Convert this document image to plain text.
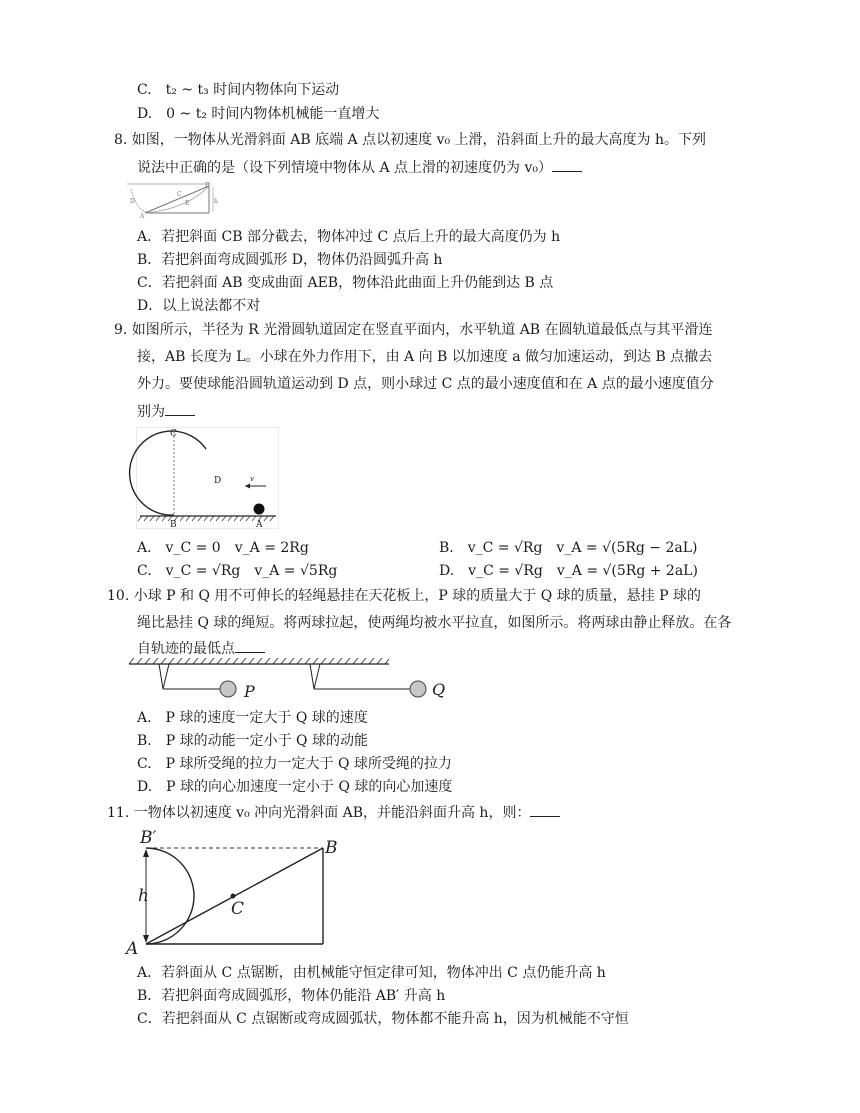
C.　t₂ ~ t₃ 时间内物体向下运动
D.　0 ~ t₂ 时间内物体机械能一直增大
8. 如图，一物体从光滑斜面 AB 底端 A 点以初速度 v₀ 上滑，沿斜面上升的最大高度为 h。下列
说法中正确的是（设下列情境中物体从 A 点上滑的初速度仍为 v₀）
D
A
C
E
B
h
A．若把斜面 CB 部分截去，物体冲过 C 点后上升的最大高度仍为 h
B．若把斜面弯成圆弧形 D，物体仍沿圆弧升高 h
C．若把斜面 AB 变成曲面 AEB，物体沿此曲面上升仍能到达 B 点
D．以上说法都不对
9. 如图所示，半径为 R 光滑圆轨道固定在竖直平面内，水平轨道 AB 在圆轨道最低点与其平滑连
接，AB 长度为 L。小球在外力作用下，由 A 向 B 以加速度 a 做匀加速运动，到达 B 点撤去
外力。要使球能沿圆轨道运动到 D 点，则小球过 C 点的最小速度值和在 A 点的最小速度值分
别为
C
D	v
B	A
A.　v_C = 0 v_A = 2Rg	B.　v_C = √Rg v_A = √(5Rg − 2aL)
C.　v_C = √Rg v_A = √5Rg	D.　v_C = √Rg v_A = √(5Rg + 2aL)
10. 小球 P 和 Q 用不可伸长的轻绳悬挂在天花板上，P 球的质量大于 Q 球的质量，悬挂 P 球的
绳比悬挂 Q 球的绳短。将两球拉起，使两绳均被水平拉直，如图所示。将两球由静止释放。在各
自轨迹的最低点
P	Q
A.　P 球的速度一定大于 Q 球的速度
B.　P 球的动能一定小于 Q 球的动能
C.　P 球所受绳的拉力一定大于 Q 球所受绳的拉力
D.　P 球的向心加速度一定小于 Q 球的向心加速度
11. 一物体以初速度 v₀ 冲向光滑斜面 AB，并能沿斜面升高 h，则：
B′	B
h
C
A
A．若斜面从 C 点锯断，由机械能守恒定律可知，物体冲出 C 点仍能升高 h
B．若把斜面弯成圆弧形，物体仍能沿 AB′ 升高 h
C．若把斜面从 C 点锯断或弯成圆弧状，物体都不能升高 h，因为机械能不守恒
